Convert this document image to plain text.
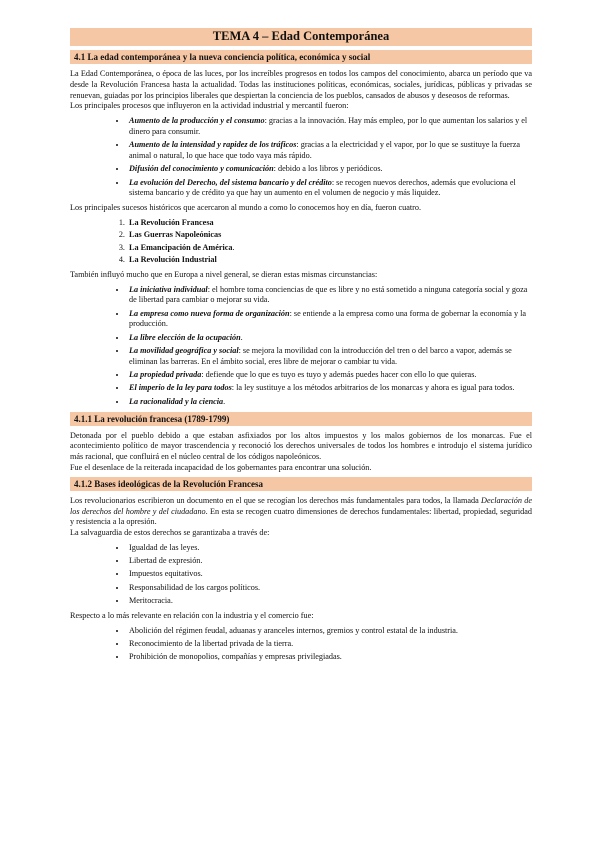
TEMA 4 – Edad Contemporánea
4.1 La edad contemporánea y la nueva conciencia política, económica y social

La Edad Contemporánea, o época de las luces, por los increíbles progresos en todos los campos del conocimiento, abarca un período que va desde la Revolución Francesa hasta la actualidad. Todas las instituciones políticas, económicas, sociales, jurídicas, públicas y privadas se renuevan, guiadas por los principios liberales que despiertan la conciencia de los pueblos, cansados de abusos y deseosos de reformas.

Los principales procesos que influyeron en la actividad industrial y mercantil fueron:

• Aumento de la producción y el consumo: gracias a la innovación. Hay más empleo, por lo que aumentan los salarios y el dinero para consumir.
• Aumento de la intensidad y rapidez de los tráficos: gracias a la electricidad y el vapor, por lo que se sustituye la fuerza animal o natural, lo que hace que todo vaya más rápido.
• Difusión del conocimiento y comunicación: debido a los libros y periódicos.
• La evolución del Derecho, del sistema bancario y del crédito: se recogen nuevos derechos, además que evoluciona el sistema bancario y de crédito ya que hay un aumento en el volumen de negocio y más liquidez.

Los principales sucesos históricos que acercaron al mundo a como lo conocemos hoy en día, fueron cuatro.

1. La Revolución Francesa
2. Las Guerras Napoleónicas
3. La Emancipación de América.
4. La Revolución Industrial

También influyó mucho que en Europa a nivel general, se dieran estas mismas circunstancias:

• La iniciativa individual: el hombre toma conciencias de que es libre y no está sometido a ninguna categoría social y goza de libertad para cambiar o mejorar su vida.
• La empresa como nueva forma de organización: se entiende a la empresa como una forma de gobernar la economía y la producción.
• La libre elección de la ocupación.
• La movilidad geográfica y social: se mejora la movilidad con la introducción del tren o del barco a vapor, además se eliminan las barreras. En el ámbito social, eres libre de mejorar o cambiar tu vida.
• La propiedad privada: defiende que lo que es tuyo es tuyo y además puedes hacer con ello lo que quieras.
• El imperio de la ley para todos: la ley sustituye a los métodos arbitrarios de los monarcas y ahora es igual para todos.
• La racionalidad y la ciencia.
4.1.1 La revolución francesa (1789-1799)

Detonada por el pueblo debido a que estaban asfixiados por los altos impuestos y los malos gobiernos de los monarcas. Fue el acontecimiento político de mayor trascendencia y reconoció los derechos universales de todos los hombres e introdujo el sistema jurídico más racional, que confluirá en el núcleo central de los códigos napoleónicos.

Fue el desenlace de la reiterada incapacidad de los gobernantes para encontrar una solución.

4.1.2 Bases ideológicas de la Revolución Francesa

Los revolucionarios escribieron un documento en el que se recogían los derechos más fundamentales para todos, la llamada Declaración de los derechos del hombre y del ciudadano. En esta se recogen cuatro dimensiones de derechos fundamentales: libertad, propiedad, seguridad y resistencia a la opresión.

La salvaguardia de estos derechos se garantizaba a través de:

• Igualdad de las leyes.
• Libertad de expresión.
• Impuestos equitativos.
• Responsabilidad de los cargos políticos.
• Meritocracia.

Respecto a lo más relevante en relación con la industria y el comercio fue:

• Abolición del régimen feudal, aduanas y aranceles internos, gremios y control estatal de la industria.
• Reconocimiento de la libertad privada de la tierra.
• Prohibición de monopolios, compañías y empresas privilegiadas.
